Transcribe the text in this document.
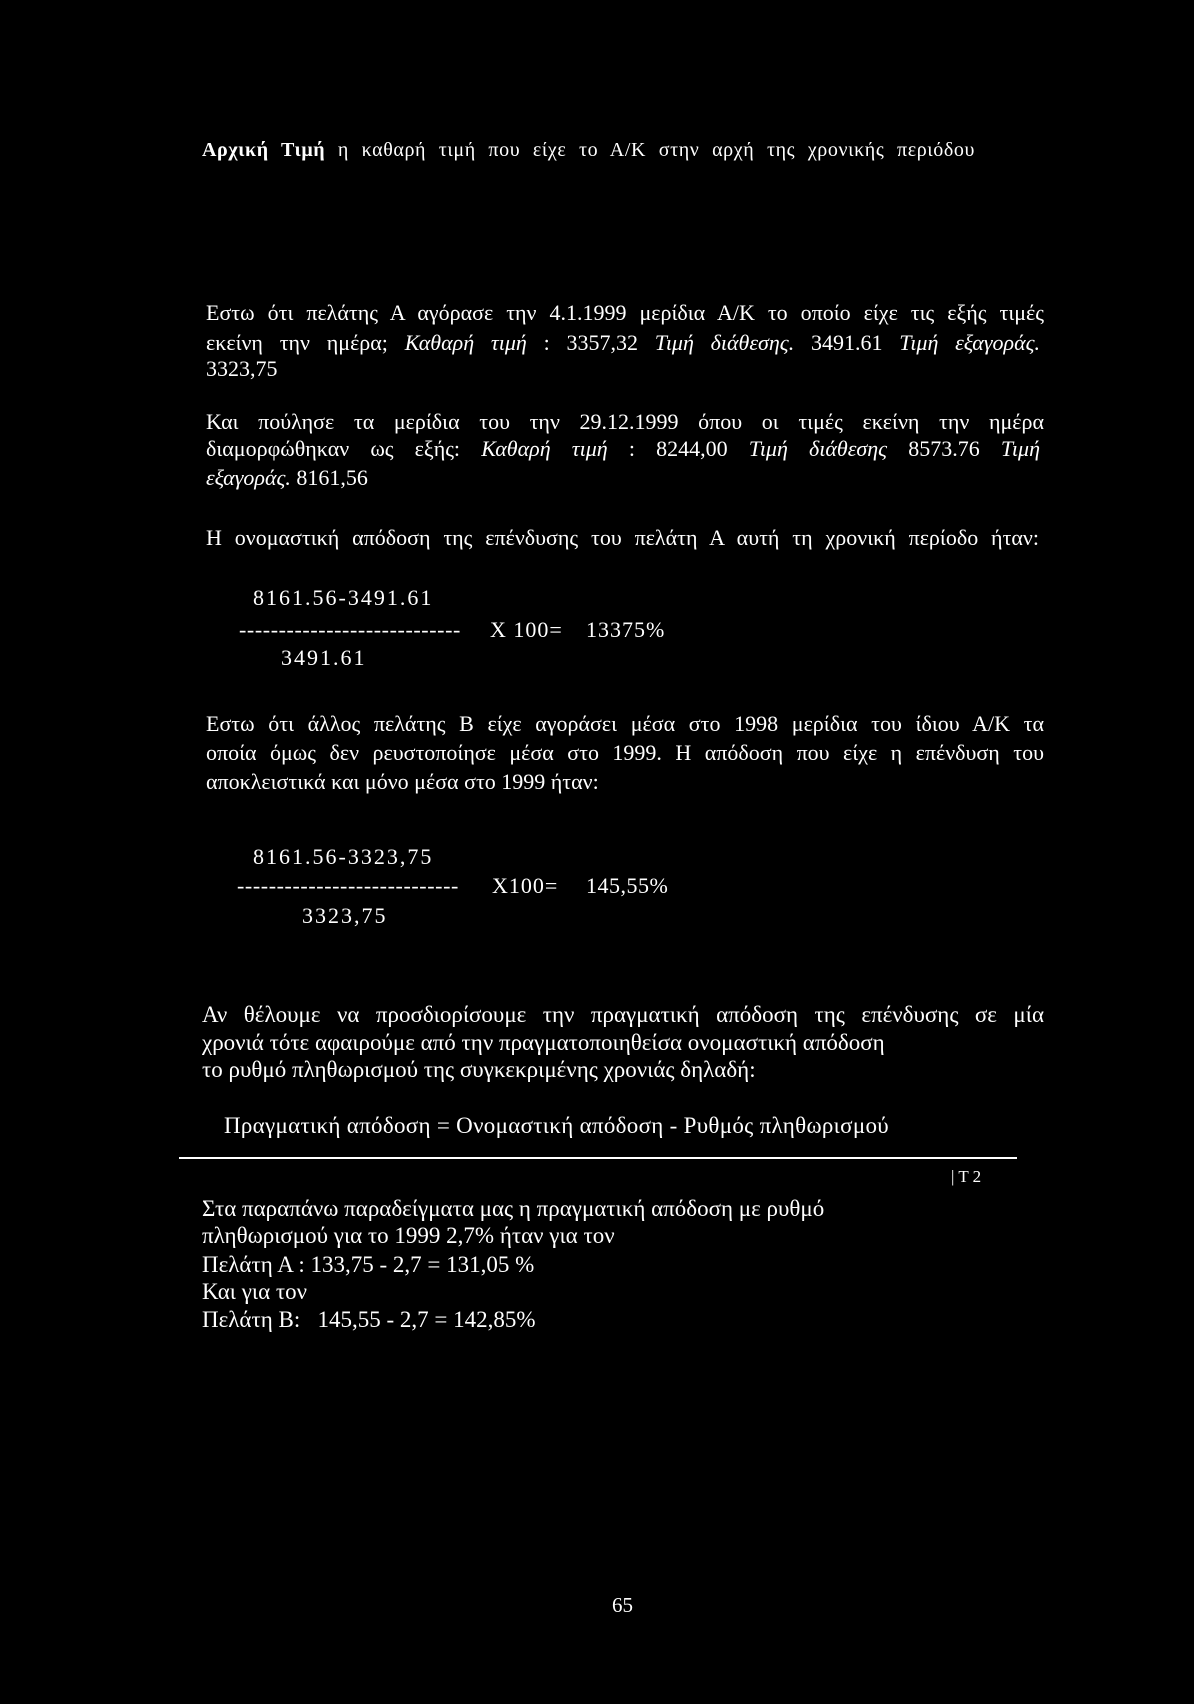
Αρχική Τιμή η καθαρή τιμή που είχε το Α/Κ στην αρχή της χρονικής περιόδου
Εστω ότι πελάτης Α αγόρασε την 4.1.1999 μερίδια Α/Κ το οποίο είχε τις εξής τιμές
εκείνη την ημέρα; Καθαρή τιμή : 3357,32 Τιμή διάθεσης. 3491.61 Τιμή εξαγοράς.
3323,75
Και πούλησε τα μερίδια του την 29.12.1999 όπου οι τιμές εκείνη την ημέρα
διαμορφώθηκαν ως εξής: Καθαρή τιμή : 8244,00 Τιμή διάθεσης 8573.76 Τιμή
εξαγοράς. 8161,56
Η ονομαστική απόδοση της επένδυσης του πελάτη Α αυτή τη χρονική περίοδο ήταν:
8161.56-3491.61
---------------------------- Χ 100= 13375%
3491.61
Εστω ότι άλλος πελάτης Β είχε αγοράσει μέσα στο 1998 μερίδια του ίδιου Α/Κ τα
οποία όμως δεν ρευστοποίησε μέσα στο 1999. Η απόδοση που είχε η επένδυση του
αποκλειστικά και μόνο μέσα στο 1999 ήταν:
8161.56-3323,75
---------------------------- Χ100= 145,55%
3323,75
Αν θέλουμε να προσδιορίσουμε την πραγματική απόδοση της επένδυσης σε μία
χρονιά τότε αφαιρούμε από την πραγματοποιηθείσα ονομαστική απόδοση
το ρυθμό πληθωρισμού της συγκεκριμένης χρονιάς δηλαδή:
Πραγματική απόδοση = Ονομαστική απόδοση - Ρυθμός πληθωρισμού
| Τ 2
Στα παραπάνω παραδείγματα μας η πραγματική απόδοση με ρυθμό
πληθωρισμού για το 1999 2,7% ήταν για τον
Πελάτη Α : 133,75 - 2,7 = 131,05 %
Και για τον
Πελάτη Β:   145,55 - 2,7 = 142,85%
65
